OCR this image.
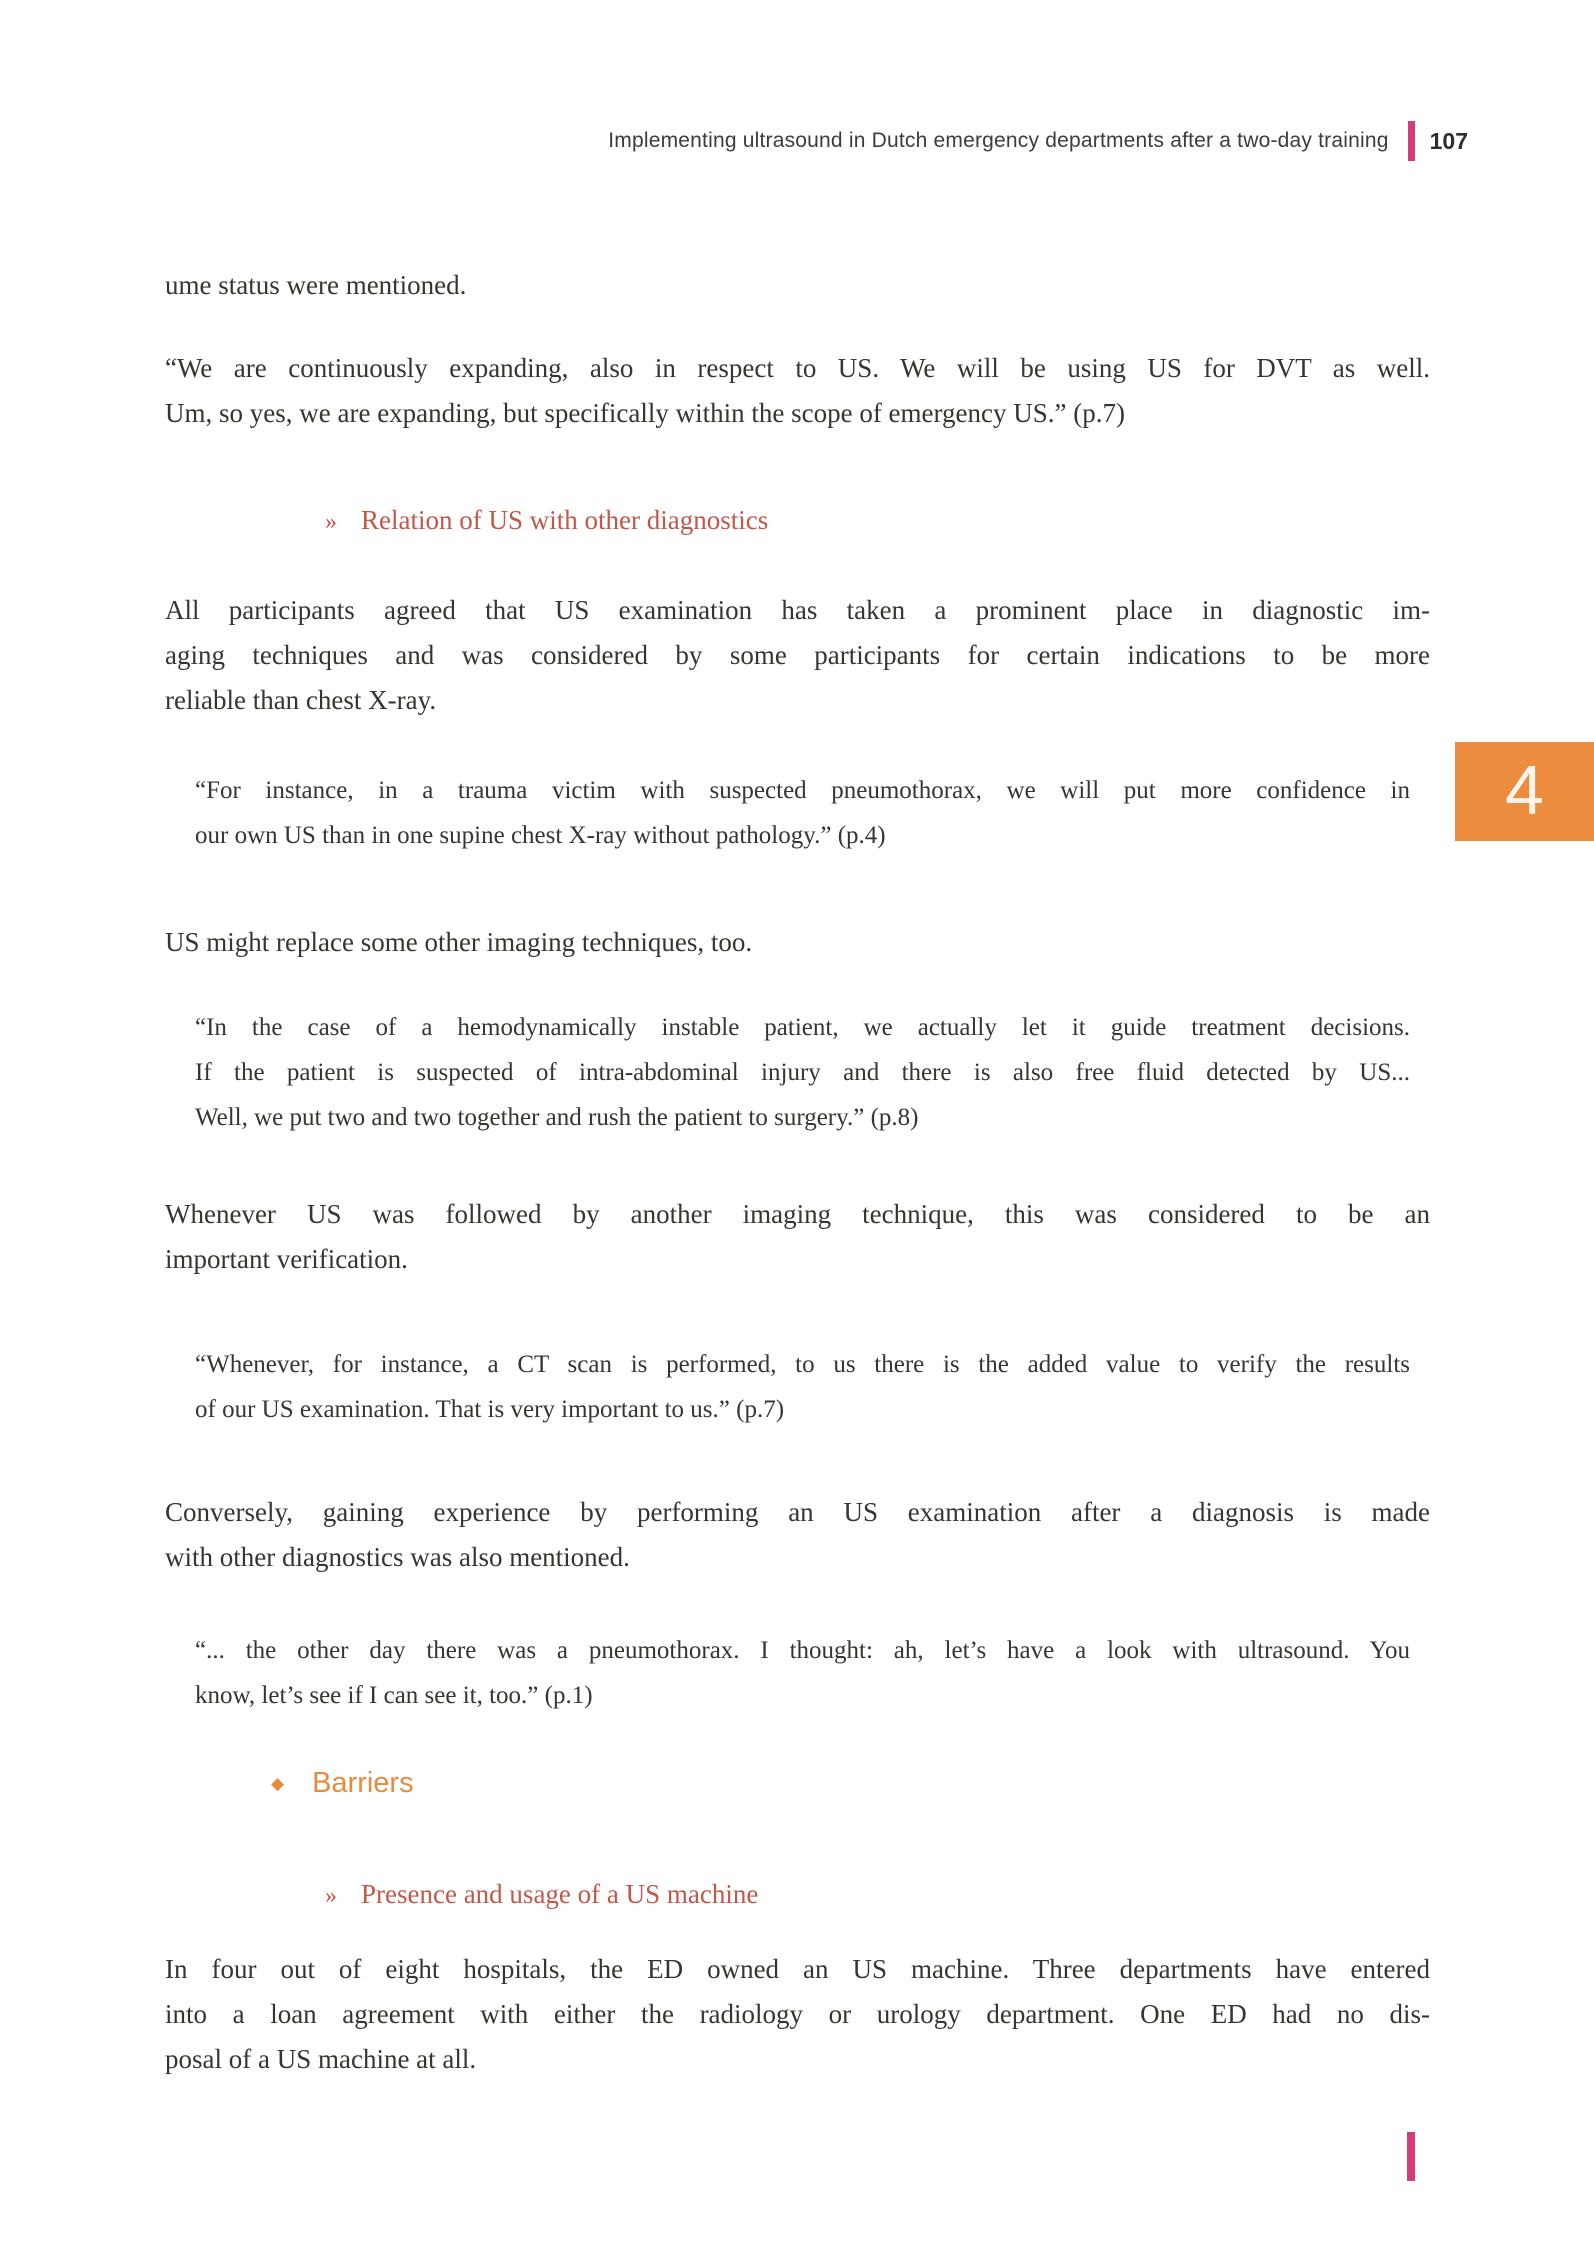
Implementing ultrasound in Dutch emergency departments after a two-day training 107
ume status were mentioned.
“We are continuously expanding, also in respect to US. We will be using US for DVT as well.
Um, so yes, we are expanding, but specifically within the scope of emergency US.” (p.7)
» Relation of US with other diagnostics
All participants agreed that US examination has taken a prominent place in diagnostic im-
aging techniques and was considered by some participants for certain indications to be more
reliable than chest X-ray.
“For instance, in a trauma victim with suspected pneumothorax, we will put more confidence in
our own US than in one supine chest X-ray without pathology.” (p.4)
US might replace some other imaging techniques, too.
“In the case of a hemodynamically instable patient, we actually let it guide treatment decisions.
If the patient is suspected of intra-abdominal injury and there is also free fluid detected by US...
Well, we put two and two together and rush the patient to surgery.” (p.8)
Whenever US was followed by another imaging technique, this was considered to be an
important verification.
“Whenever, for instance, a CT scan is performed, to us there is the added value to verify the results
of our US examination. That is very important to us.” (p.7)
Conversely, gaining experience by performing an US examination after a diagnosis is made
with other diagnostics was also mentioned.
“... the other day there was a pneumothorax. I thought: ah, let’s have a look with ultrasound. You
know, let’s see if I can see it, too.” (p.1)
◆ Barriers
» Presence and usage of a US machine
In four out of eight hospitals, the ED owned an US machine. Three departments have entered
into a loan agreement with either the radiology or urology department. One ED had no dis-
posal of a US machine at all.
4
